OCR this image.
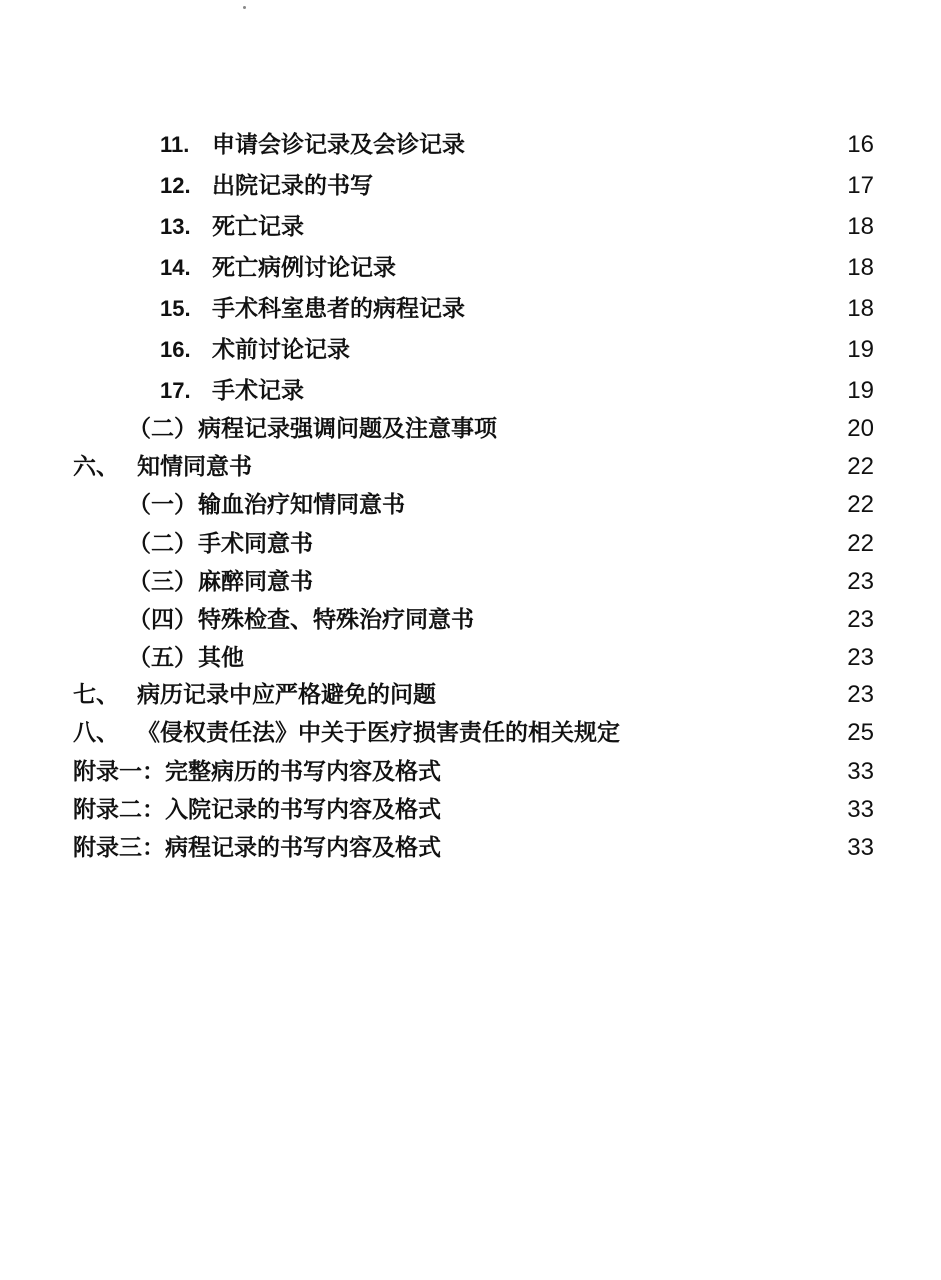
11. 申请会诊记录及会诊记录	16
12. 出院记录的书写	17
13. 死亡记录	18
14. 死亡病例讨论记录	18
15. 手术科室患者的病程记录	18
16. 术前讨论记录	19
17. 手术记录	19
（二） 病程记录强调问题及注意事项	20
六、 知情同意书	22
（一） 输血治疗知情同意书	22
（二） 手术同意书	22
（三） 麻醉同意书	23
（四） 特殊检查、特殊治疗同意书	23
（五） 其他	23
七、 病历记录中应严格避免的问题	23
八、 《侵权责任法》中关于医疗损害责任的相关规定	25
附录一：完整病历的书写内容及格式	33
附录二：入院记录的书写内容及格式	33
附录三：病程记录的书写内容及格式	33
